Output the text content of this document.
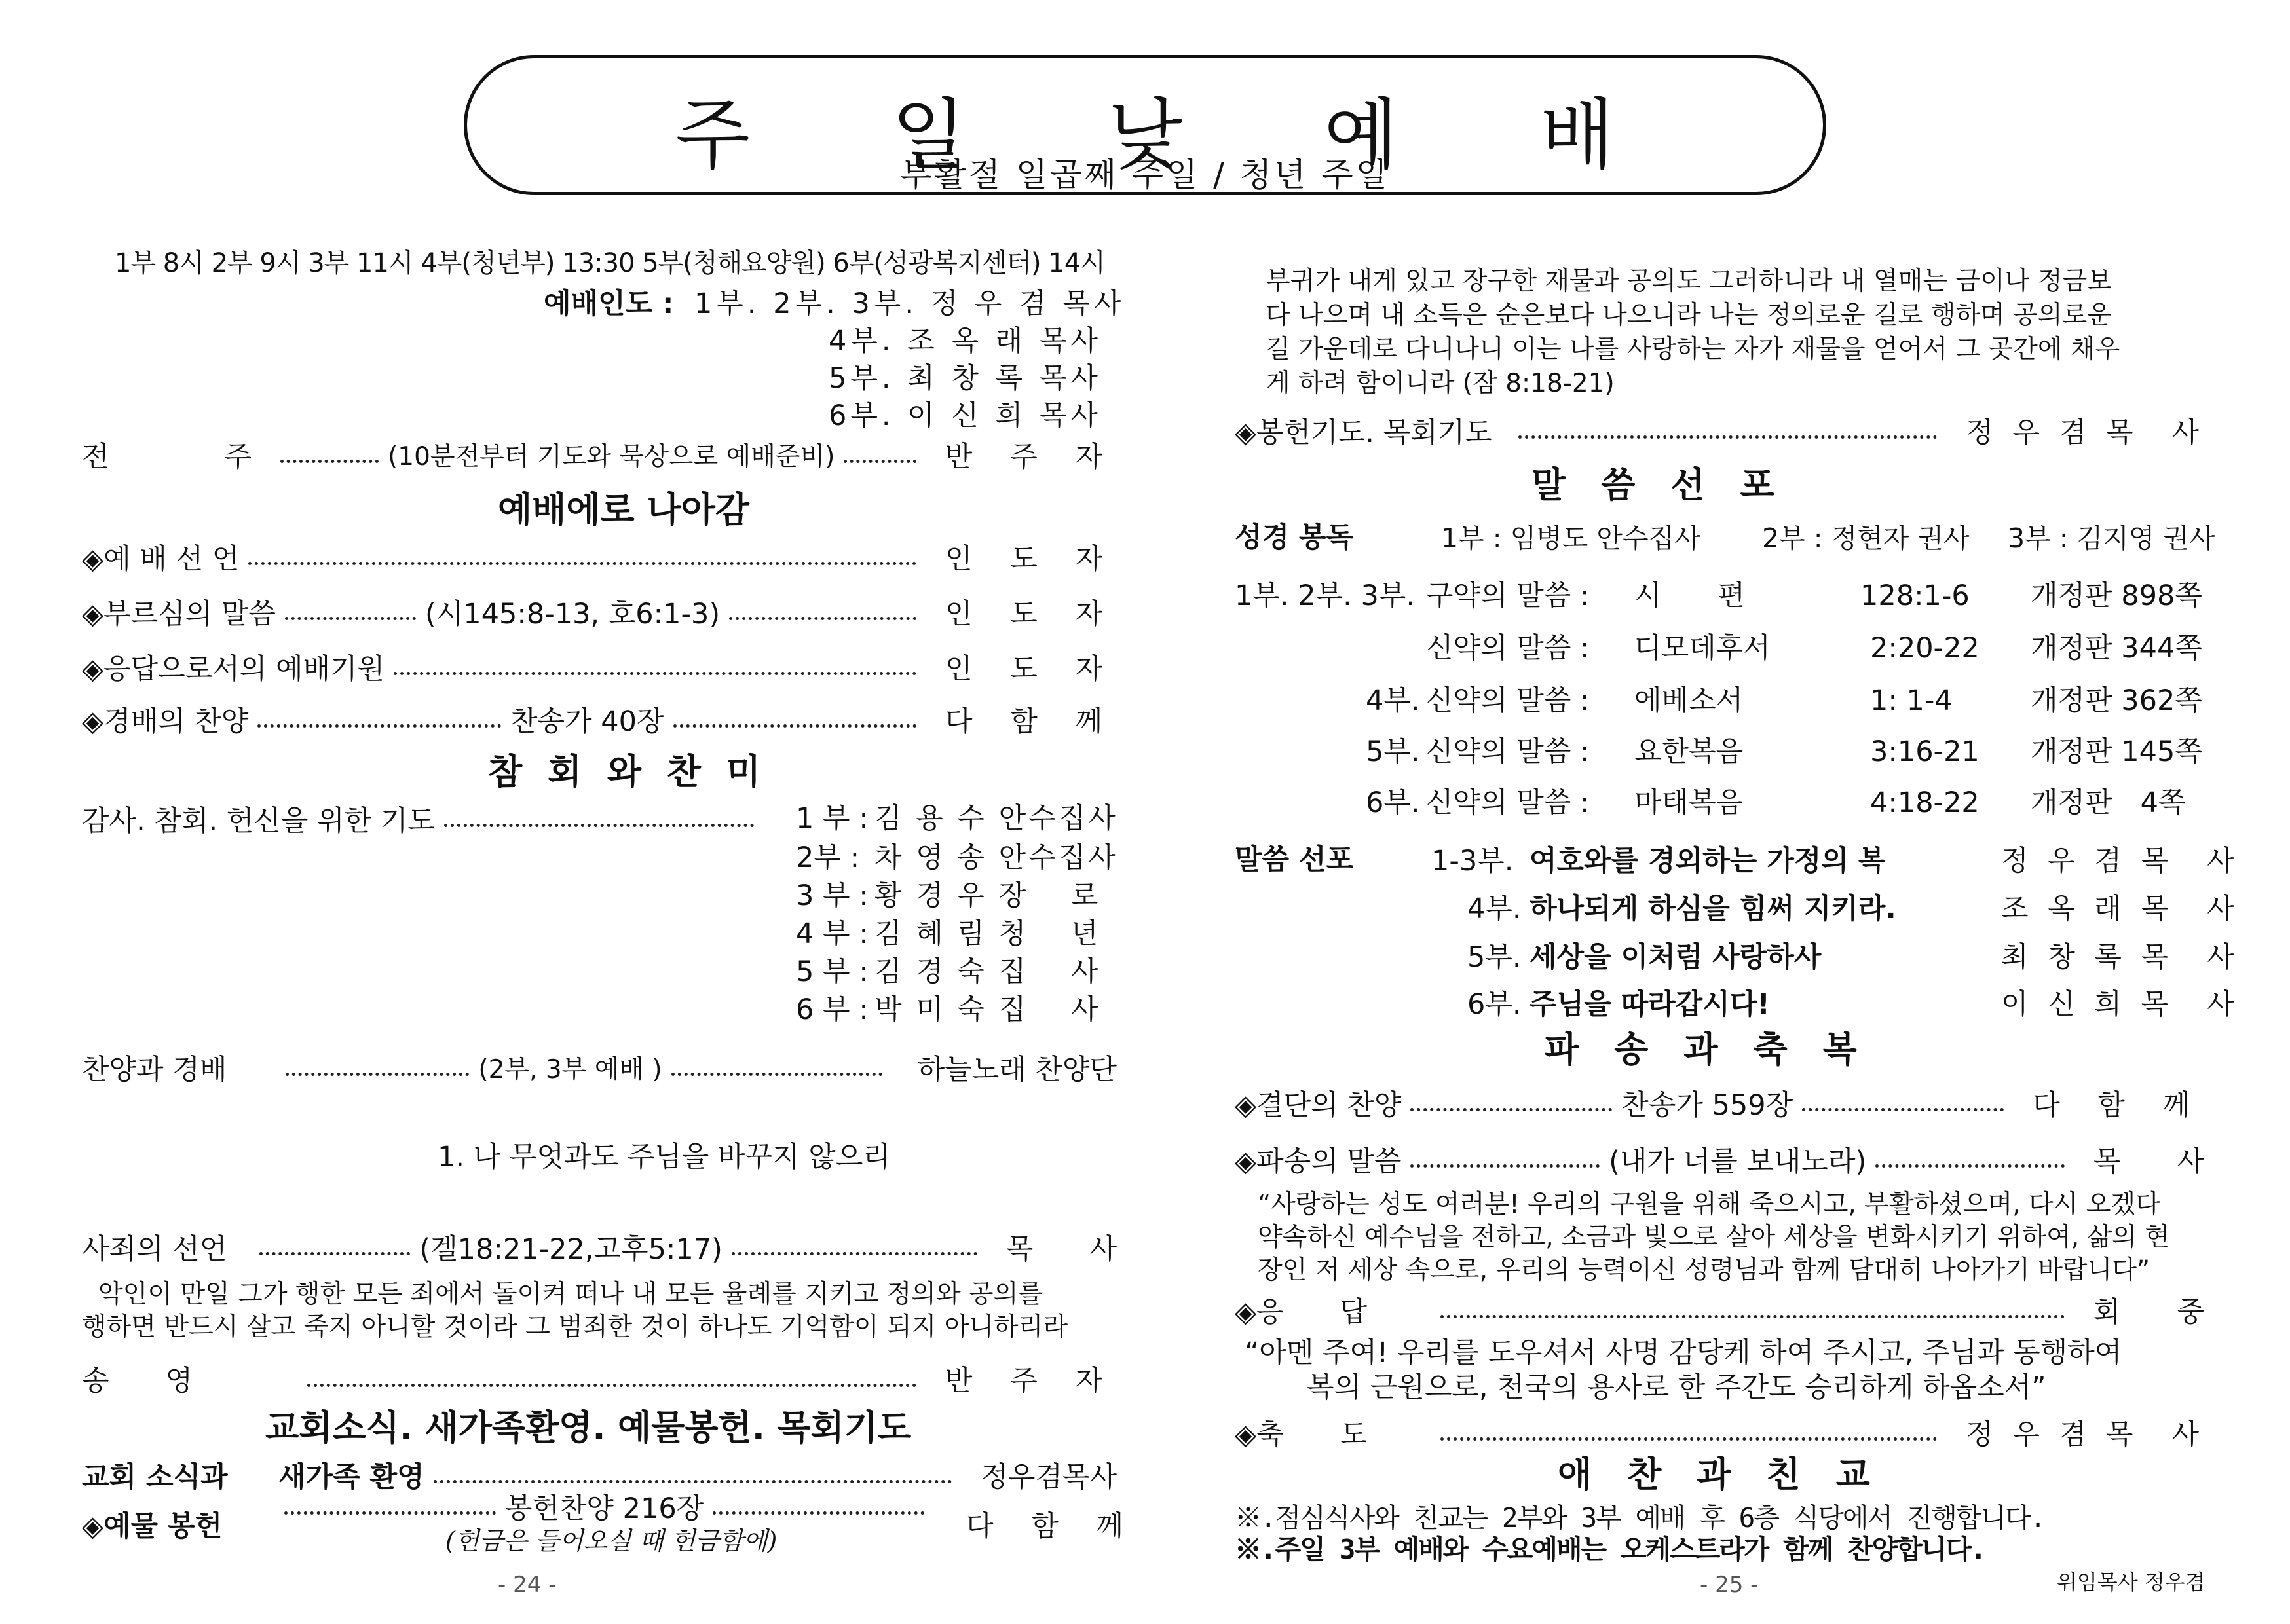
주 일 낮 예 배
부활절 일곱째 주일 / 청년 주일
1부 8시 2부 9시 3부 11시 4부(청년부) 13:30 5부(청해요양원) 6부(성광복지센터) 14시
예배인도 : 1부. 2부. 3부. 정 우 겸 목사
4부. 조 옥 래 목사
5부. 최 창 록 목사
6부. 이 신 희 목사
전　　주	(10분전부터 기도와 묵상으로 예배준비)	반 주 자
예배에로 나아감
◈예 배 선 언	인 도 자
◈부르심의 말씀	(시145:8-13, 호6:1-3)	인 도 자
◈응답으로서의 예배기원	인 도 자
◈경배의 찬양	찬송가 40장	다 함 께
참 회 와 찬 미
감사. 참회. 헌신을 위한 기도	1 부 : 김 용 수 안수집사
2부 : 차 영 송 안수집사
3 부 : 황 경 우 장　 로
4 부 : 김 혜 림 청　 년
5 부 : 김 경 숙 집　 사
6 부 : 박 미 숙 집　 사
찬양과 경배	(2부, 3부 예배 )	하늘노래 찬양단
1. 나 무엇과도 주님을 바꾸지 않으리
사죄의 선언	(겔18:21-22,고후5:17)	목　　사
악인이 만일 그가 행한 모든 죄에서 돌이켜 떠나 내 모든 율례를 지키고 정의와 공의를
행하면 반드시 살고 죽지 아니할 것이라 그 범죄한 것이 하나도 기억함이 되지 아니하리라
송　　영	반 주 자
교회소식. 새가족환영. 예물봉헌. 목회기도
교회 소식과	새가족 환영	정우겸목사
봉헌찬양 216장
◈예물 봉헌	(헌금은 들어오실 때 헌금함에)	다 함 께
- 24 -
부귀가 내게 있고 장구한 재물과 공의도 그러하니라 내 열매는 금이나 정금보
다 나으며 내 소득은 순은보다 나으니라 나는 정의로운 길로 행하며 공의로운
길 가운데로 다니나니 이는 나를 사랑하는 자가 재물을 얻어서 그 곳간에 채우
게 하려 함이니라 (잠 8:18-21)
◈봉헌기도. 목회기도	정 우 겸 목　사
말　씀　선　포
성경 봉독	1부 : 임병도 안수집사 2부 : 정현자 권사 3부 : 김지영 권사
1부. 2부. 3부. 구약의 말씀 : 시　　편	128:1-6 개정판 898쪽
신약의 말씀 : 디모데후서	2:20-22 개정판 344쪽
4부. 신약의 말씀 : 에베소서	1: 1-4	개정판 362쪽
5부. 신약의 말씀 : 요한복음	3:16-21 개정판 145쪽
6부. 신약의 말씀 : 마태복음	4:18-22 개정판　4쪽
말씀 선포	1-3부. 여호와를 경외하는 가정의 복	정 우 겸 목　사
4부. 하나되게 하심을 힘써 지키라.	조 옥 래 목　사
5부. 세상을 이처럼 사랑하사	최 창 록 목　사
6부. 주님을 따라갑시다!	이 신 희 목　사
파　송　과　축　복
◈결단의 찬양	찬송가 559장	다 함 께
◈파송의 말씀	(내가 너를 보내노라)	목　　사
“사랑하는 성도 여러분! 우리의 구원을 위해 죽으시고, 부활하셨으며, 다시 오겠다
약속하신 예수님을 전하고, 소금과 빛으로 살아 세상을 변화시키기 위하여, 삶의 현
장인 저 세상 속으로, 우리의 능력이신 성령님과 함께 담대히 나아가기 바랍니다”
◈응　　답	회　　중
“아멘 주여! 우리를 도우셔서 사명 감당케 하여 주시고, 주님과 동행하여
복의 근원으로, 천국의 용사로 한 주간도 승리하게 하옵소서”
◈축　　도	정 우 겸 목　사
애　찬　과　친　교
※.점심식사와 친교는 2부와 3부 예배 후 6층 식당에서 진행합니다.
※.주일 3부 예배와 수요예배는 오케스트라가 함께 찬양합니다.
- 25 -	위임목사 정우겸
